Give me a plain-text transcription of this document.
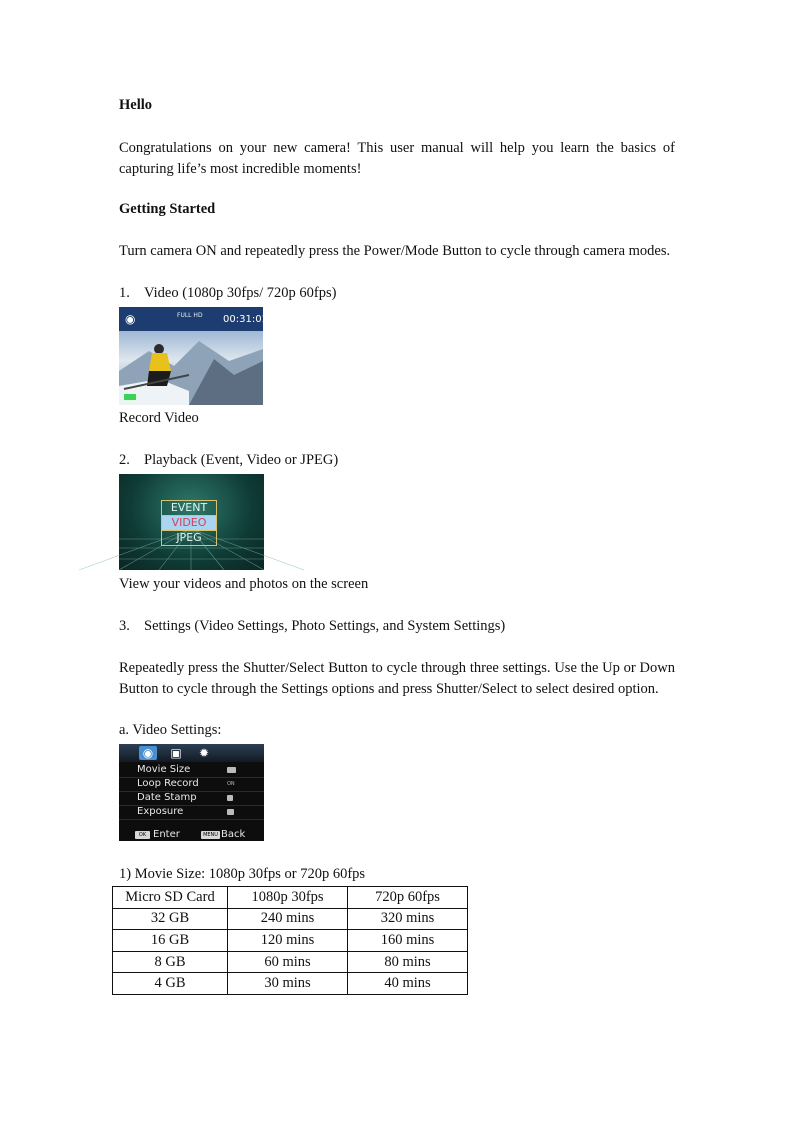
Hello
Congratulations on your new camera! This user manual will help you learn the basics of capturing life’s most incredible moments!
Getting Started
Turn camera ON and repeatedly press the Power/Mode Button to cycle through camera modes.
1. Video (1080p 30fps/ 720p 60fps)
◉	FULL HD 00:31:01
Record Video
2. Playback (Event, Video or JPEG)
EVENT
VIDEO
JPEG
View your videos and photos on the screen
3. Settings (Video Settings, Photo Settings, and System Settings)
Repeatedly press the Shutter/Select Button to cycle through three settings. Use the Up or Down Button to cycle through the Settings options and press Shutter/Select to select desired option.
a. Video Settings:
◉	▣	✹
Movie Size
Loop Record	ON
Date Stamp
Exposure
OK Enter	MENU Back
1) Movie Size: 1080p 30fps or 720p 60fps
Micro SD Card	1080p 30fps	720p 60fps
32 GB	240 mins	320 mins
16 GB	120 mins	160 mins
8 GB	60 mins	80 mins
4 GB	30 mins	40 mins
